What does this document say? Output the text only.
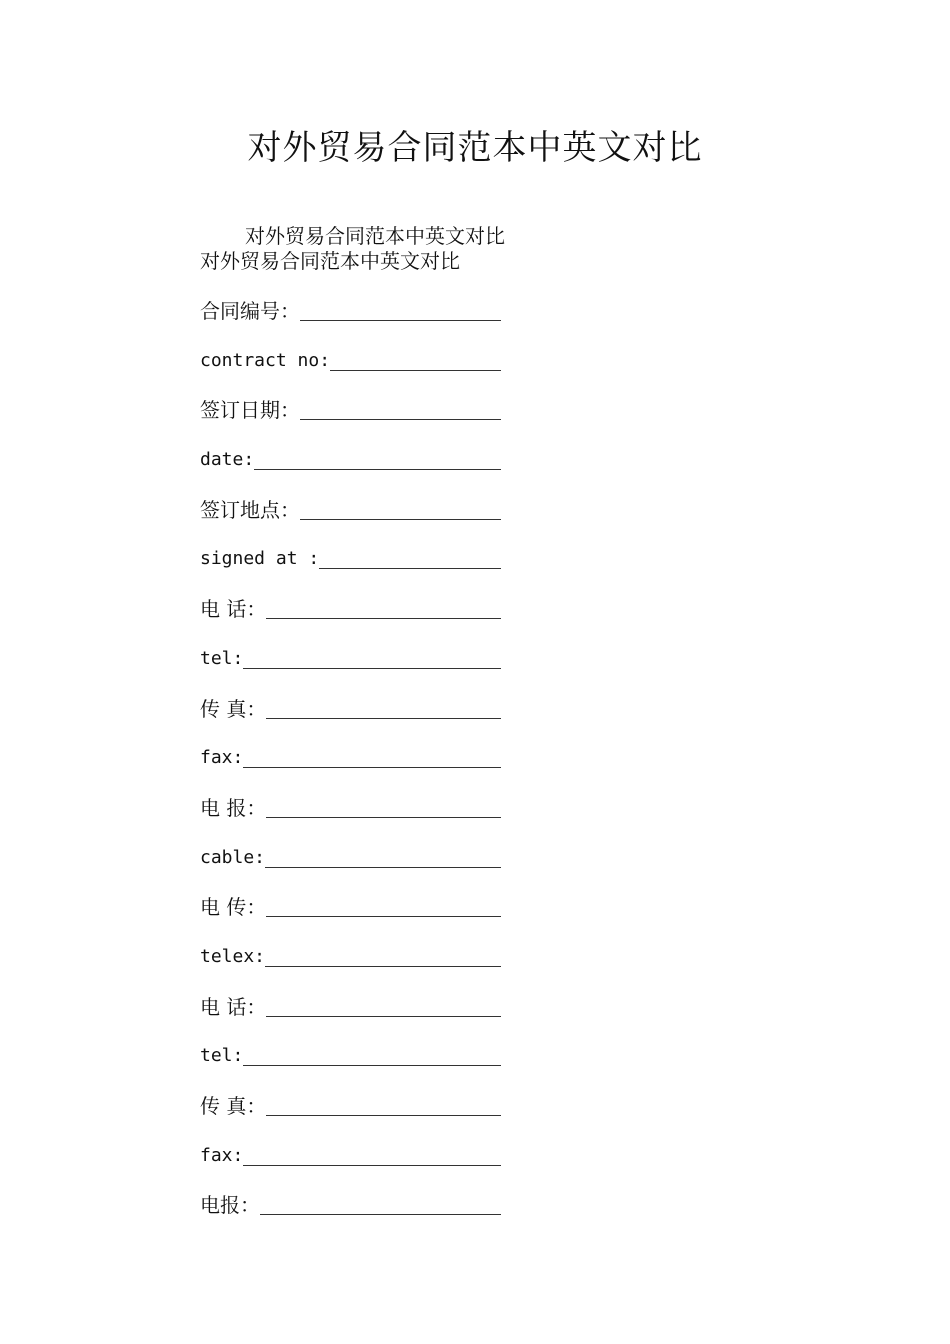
对外贸易合同范本中英文对比
对外贸易合同范本中英文对比
对外贸易合同范本中英文对比
合同编号：
contract no:
签订日期：
date:
签订地点：
signed at :
电 话：
tel:
传 真：
fax:
电 报：
cable:
电 传：
telex:
电 话：
tel:
传 真：
fax:
电报：
